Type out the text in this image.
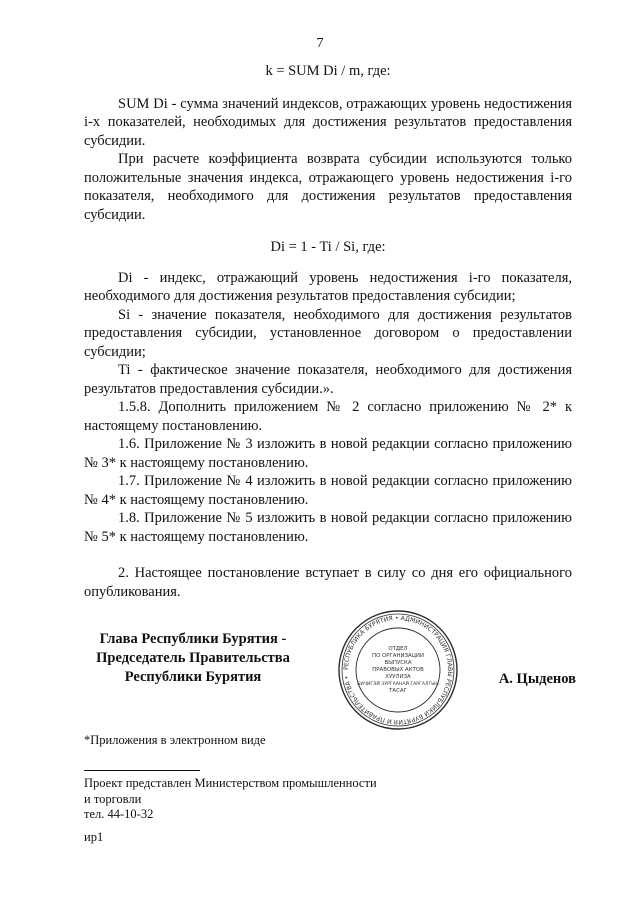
7

k = SUM Di / m, где:

SUM Di - сумма значений индексов, отражающих уровень недостижения i-х показателей, необходимых для достижения результатов предоставления субсидии.

При расчете коэффициента возврата субсидии используются только положительные значения индекса, отражающего уровень недостижения i-го показателя, необходимого для достижения результатов предоставления субсидии.

Di = 1 - Ti / Si, где:

Di - индекс, отражающий уровень недостижения i-го показателя, необходимого для достижения результатов предоставления субсидии;

Si - значение показателя, необходимого для достижения результатов предоставления субсидии, установленное договором о предоставлении субсидии;

Ti - фактическое значение показателя, необходимого для достижения результатов предоставления субсидии.».

1.5.8. Дополнить приложением № 2 согласно приложению № 2* к настоящему постановлению.

1.6. Приложение № 3 изложить в новой редакции согласно приложению № 3* к настоящему постановлению.

1.7. Приложение № 4 изложить в новой редакции согласно приложению № 4* к настоящему постановлению.

1.8. Приложение № 5 изложить в новой редакции согласно приложению № 5* к настоящему постановлению.

2. Настоящее постановление вступает в силу со дня его официального опубликования.

Глава Республики Бурятия -
Председатель Правительства
Республики Бурятия
РЕСПУБЛИКА БУРЯТИЯ • АДМИНИСТРАЦИЯ ГЛАВЫ РЕСПУБЛИКИ БУРЯТИЯ И ПРАВИТЕЛЬСТВА •
ОТДЕЛ
ПО ОРГАНИЗАЦИИ
ВЫПУСКА
ПРАВОВЫХ АКТОВ
ХУУЛИЗА
БИЧИГЭЙ ЗУРГААНАЙ ГАРГАЛГЫН
ТАСАГ
А. Цыденов
*Приложения в электронном виде
Проект представлен Министерством промышленности
и торговли
тел. 44-10-32
ир1
